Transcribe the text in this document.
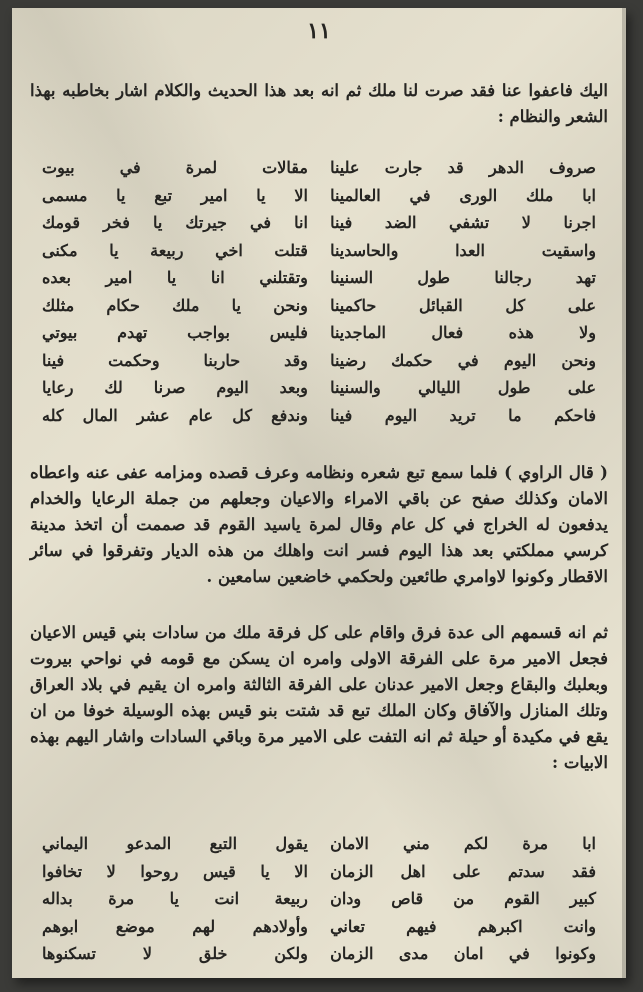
١١

اليك فاعفوا عنا فقد صرت لنا ملك ثم انه بعد هذا الحديث والكلام اشار بخاطبه بهذا الشعر والنظام :

مقالات لمرة في بيوت
الا يا امير تبع يا مسمى
انا في جيرتك يا فخر قومك
قتلت اخي ربيعة يا مكنى
وتقتلني انا يا امير بعده
ونحن يا ملك حكام مثلك
فليس بواجب تهدم بيوتي
وقد حاربنا وحكمت فينا
وبعد اليوم صرنا لك رعايا
وندفع كل عام عشر المال كله
صروف الدهر قد جارت علينا
ابا ملك الورى في العالمينا
اجرنا لا تشفي الضد فينا
واسقيت العدا والحاسدينا
تهد رجالنا طول السنينا
على كل القبائل حاكمينا
ولا هذه فعال الماجدينا
ونحن اليوم في حكمك رضينا
على طول الليالي والسنينا
فاحكم ما تريد اليوم فينا

( قال الراوي ) فلما سمع تبع شعره ونظامه وعرف قصده ومزامه عفى عنه واعطاه الامان وكذلك صفح عن باقي الامراء والاعيان وجعلهم من جملة الرعايا والخدام يدفعون له الخراج في كل عام وقال لمرة ياسيد القوم قد صممت أن اتخذ مدينة كرسي مملكتي بعد هذا اليوم فسر انت واهلك من هذه الديار وتفرقوا في سائر الاقطار وكونوا لاوامري طائعين ولحكمي خاضعين سامعين .

ثم انه قسمهم الى عدة فرق واقام على كل فرقة ملك من سادات بني قيس الاعيان فجعل الامير مرة على الفرقة الاولى وامره ان يسكن مع قومه في نواحي بيروت وبعلبك والبقاع وجعل الامير عدنان على الفرقة الثالثة وامره ان يقيم في بلاد العراق وتلك المنازل والآفاق وكان الملك تبع قد شتت بنو قيس بهذه الوسيلة خوفا من ان يقع في مكيدة أو حيلة ثم انه التفت على الامير مرة وباقي السادات واشار اليهم بهذه الابيات :

يقول التبع المدعو اليماني
الا يا قيس روحوا لا تخافوا
ربيعة انت يا مرة بداله
وأولادهم لهم موضع ابوهم
ولكن خلق لا تسكنوها
ابا مرة لكم مني الامان
فقد سدتم على اهل الزمان
كبير القوم من قاص ودان
وانت اكبرهم فيهم تعاني
وكونوا في امان مدى الزمان
